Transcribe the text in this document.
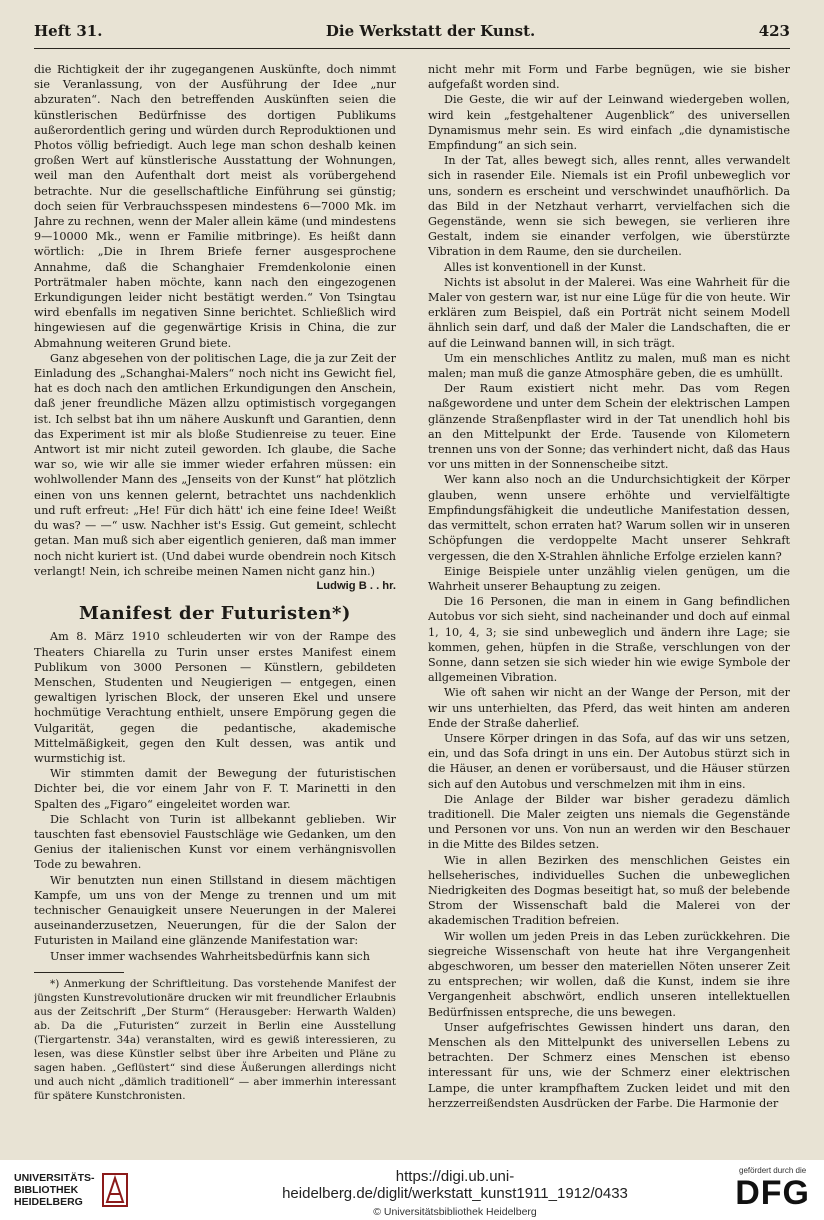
Heft 31.	Die Werkstatt der Kunst.	423

die Richtigkeit der ihr zugegangenen Auskünfte, doch nimmt sie Veranlassung, von der Ausführung der Idee „nur abzuraten“. Nach den betreffenden Auskünften seien die künstlerischen Bedürfnisse des dortigen Publikums außerordentlich gering und würden durch Reproduktionen und Photos völlig befriedigt. Auch lege man schon deshalb keinen großen Wert auf künstlerische Ausstattung der Wohnungen, weil man den Aufenthalt dort meist als vorübergehend betrachte. Nur die gesellschaftliche Einführung sei günstig; doch seien für Verbrauchsspesen mindestens 6—7000 Mk. im Jahre zu rechnen, wenn der Maler allein käme (und mindestens 9—10000 Mk., wenn er Familie mitbringe). Es heißt dann wörtlich: „Die in Ihrem Briefe ferner ausgesprochene Annahme, daß die Schanghaier Fremdenkolonie einen Porträtmaler haben möchte, kann nach den eingezogenen Erkundigungen leider nicht bestätigt werden.“ Von Tsingtau wird ebenfalls im negativen Sinne berichtet. Schließlich wird hingewiesen auf die gegenwärtige Krisis in China, die zur Abmahnung weiteren Grund biete.

Ganz abgesehen von der politischen Lage, die ja zur Zeit der Einladung des „Schanghai-Malers“ noch nicht ins Gewicht fiel, hat es doch nach den amtlichen Erkundigungen den Anschein, daß jener freundliche Mäzen allzu optimistisch vorgegangen ist. Ich selbst bat ihn um nähere Auskunft und Garantien, denn das Experiment ist mir als bloße Studienreise zu teuer. Eine Antwort ist mir nicht zuteil geworden. Ich glaube, die Sache war so, wie wir alle sie immer wieder erfahren müssen: ein wohlwollender Mann des „Jenseits von der Kunst“ hat plötzlich einen von uns kennen gelernt, betrachtet uns nachdenklich und ruft erfreut: „He! Für dich hätt' ich eine feine Idee! Weißt du was? — —“ usw. Nachher ist's Essig. Gut gemeint, schlecht getan. Man muß sich aber eigentlich genieren, daß man immer noch nicht kuriert ist. (Und dabei wurde obendrein noch Kitsch verlangt! Nein, ich schreibe meinen Namen nicht ganz hin.)

Ludwig B . . hr.
Manifest der Futuristen*)

Am 8. März 1910 schleuderten wir von der Rampe des Theaters Chiarella zu Turin unser erstes Manifest einem Publikum von 3000 Personen — Künstlern, gebildeten Menschen, Studenten und Neugierigen — entgegen, einen gewaltigen lyrischen Block, der unseren Ekel und unsere hochmütige Verachtung enthielt, unsere Empörung gegen die Vulgarität, gegen die pedantische, akademische Mittelmäßigkeit, gegen den Kult dessen, was antik und wurmstichig ist.

Wir stimmten damit der Bewegung der futuristischen Dichter bei, die vor einem Jahr von F. T. Marinetti in den Spalten des „Figaro“ eingeleitet worden war.

Die Schlacht von Turin ist allbekannt geblieben. Wir tauschten fast ebensoviel Faustschläge wie Gedanken, um den Genius der italienischen Kunst vor einem verhängnisvollen Tode zu bewahren.

Wir benutzten nun einen Stillstand in diesem mächtigen Kampfe, um uns von der Menge zu trennen und um mit technischer Genauigkeit unsere Neuerungen in der Malerei auseinanderzusetzen, Neuerungen, für die der Salon der Futuristen in Mailand eine glänzende Manifestation war:

Unser immer wachsendes Wahrheitsbedürfnis kann sich

*) Anmerkung der Schriftleitung. Das vorstehende Manifest der jüngsten Kunstrevolutionäre drucken wir mit freundlicher Erlaubnis aus der Zeitschrift „Der Sturm“ (Herausgeber: Herwarth Walden) ab. Da die „Futuristen“ zurzeit in Berlin eine Ausstellung (Tiergartenstr. 34a) veranstalten, wird es gewiß interessieren, zu lesen, was diese Künstler selbst über ihre Arbeiten und Pläne zu sagen haben. „Geflüstert“ sind diese Äußerungen allerdings nicht und auch nicht „dämlich traditionell“ — aber immerhin interessant für spätere Kunstchronisten.

nicht mehr mit Form und Farbe begnügen, wie sie bisher aufgefaßt worden sind.

Die Geste, die wir auf der Leinwand wiedergeben wollen, wird kein „festgehaltener Augenblick“ des universellen Dynamismus mehr sein. Es wird einfach „die dynamistische Empfindung“ an sich sein.

In der Tat, alles bewegt sich, alles rennt, alles verwandelt sich in rasender Eile. Niemals ist ein Profil unbeweglich vor uns, sondern es erscheint und verschwindet unaufhörlich. Da das Bild in der Netzhaut verharrt, vervielfachen sich die Gegenstände, wenn sie sich bewegen, sie verlieren ihre Gestalt, indem sie einander verfolgen, wie überstürzte Vibration in dem Raume, den sie durcheilen.

Alles ist konventionell in der Kunst.

Nichts ist absolut in der Malerei. Was eine Wahrheit für die Maler von gestern war, ist nur eine Lüge für die von heute. Wir erklären zum Beispiel, daß ein Porträt nicht seinem Modell ähnlich sein darf, und daß der Maler die Landschaften, die er auf die Leinwand bannen will, in sich trägt.

Um ein menschliches Antlitz zu malen, muß man es nicht malen; man muß die ganze Atmosphäre geben, die es umhüllt.

Der Raum existiert nicht mehr. Das vom Regen naßgewordene und unter dem Schein der elektrischen Lampen glänzende Straßenpflaster wird in der Tat unendlich hohl bis an den Mittelpunkt der Erde. Tausende von Kilometern trennen uns von der Sonne; das verhindert nicht, daß das Haus vor uns mitten in der Sonnenscheibe sitzt.

Wer kann also noch an die Undurchsichtigkeit der Körper glauben, wenn unsere erhöhte und vervielfältigte Empfindungsfähigkeit die undeutliche Manifestation dessen, das vermittelt, schon erraten hat? Warum sollen wir in unseren Schöpfungen die verdoppelte Macht unserer Sehkraft vergessen, die den X-Strahlen ähnliche Erfolge erzielen kann?

Einige Beispiele unter unzählig vielen genügen, um die Wahrheit unserer Behauptung zu zeigen.

Die 16 Personen, die man in einem in Gang befindlichen Autobus vor sich sieht, sind nacheinander und doch auf einmal 1, 10, 4, 3; sie sind unbeweglich und ändern ihre Lage; sie kommen, gehen, hüpfen in die Straße, verschlungen von der Sonne, dann setzen sie sich wieder hin wie ewige Symbole der allgemeinen Vibration.

Wie oft sahen wir nicht an der Wange der Person, mit der wir uns unterhielten, das Pferd, das weit hinten am anderen Ende der Straße daherlief.

Unsere Körper dringen in das Sofa, auf das wir uns setzen, ein, und das Sofa dringt in uns ein. Der Autobus stürzt sich in die Häuser, an denen er vorübersaust, und die Häuser stürzen sich auf den Autobus und verschmelzen mit ihm in eins.

Die Anlage der Bilder war bisher geradezu dämlich traditionell. Die Maler zeigten uns niemals die Gegenstände und Personen vor uns. Von nun an werden wir den Beschauer in die Mitte des Bildes setzen.

Wie in allen Bezirken des menschlichen Geistes ein hellseherisches, individuelles Suchen die unbeweglichen Niedrigkeiten des Dogmas beseitigt hat, so muß der belebende Strom der Wissenschaft bald die Malerei von der akademischen Tradition befreien.

Wir wollen um jeden Preis in das Leben zurückkehren. Die siegreiche Wissenschaft von heute hat ihre Vergangenheit abgeschworen, um besser den materiellen Nöten unserer Zeit zu entsprechen; wir wollen, daß die Kunst, indem sie ihre Vergangenheit abschwört, endlich unseren intellektuellen Bedürfnissen entspreche, die uns bewegen.

Unser aufgefrischtes Gewissen hindert uns daran, den Menschen als den Mittelpunkt des universellen Lebens zu betrachten. Der Schmerz eines Menschen ist ebenso interessant für uns, wie der Schmerz einer elektrischen Lampe, die unter krampfhaftem Zucken leidet und mit den herzzerreißendsten Ausdrücken der Farbe. Die Harmonie der

UNIVERSITÄTS-
BIBLIOTHEK
HEIDELBERG
https://digi.ub.uni-heidelberg.de/diglit/werkstatt_kunst1911_1912/0433
© Universitätsbibliothek Heidelberg
gefördert durch die
DFG
